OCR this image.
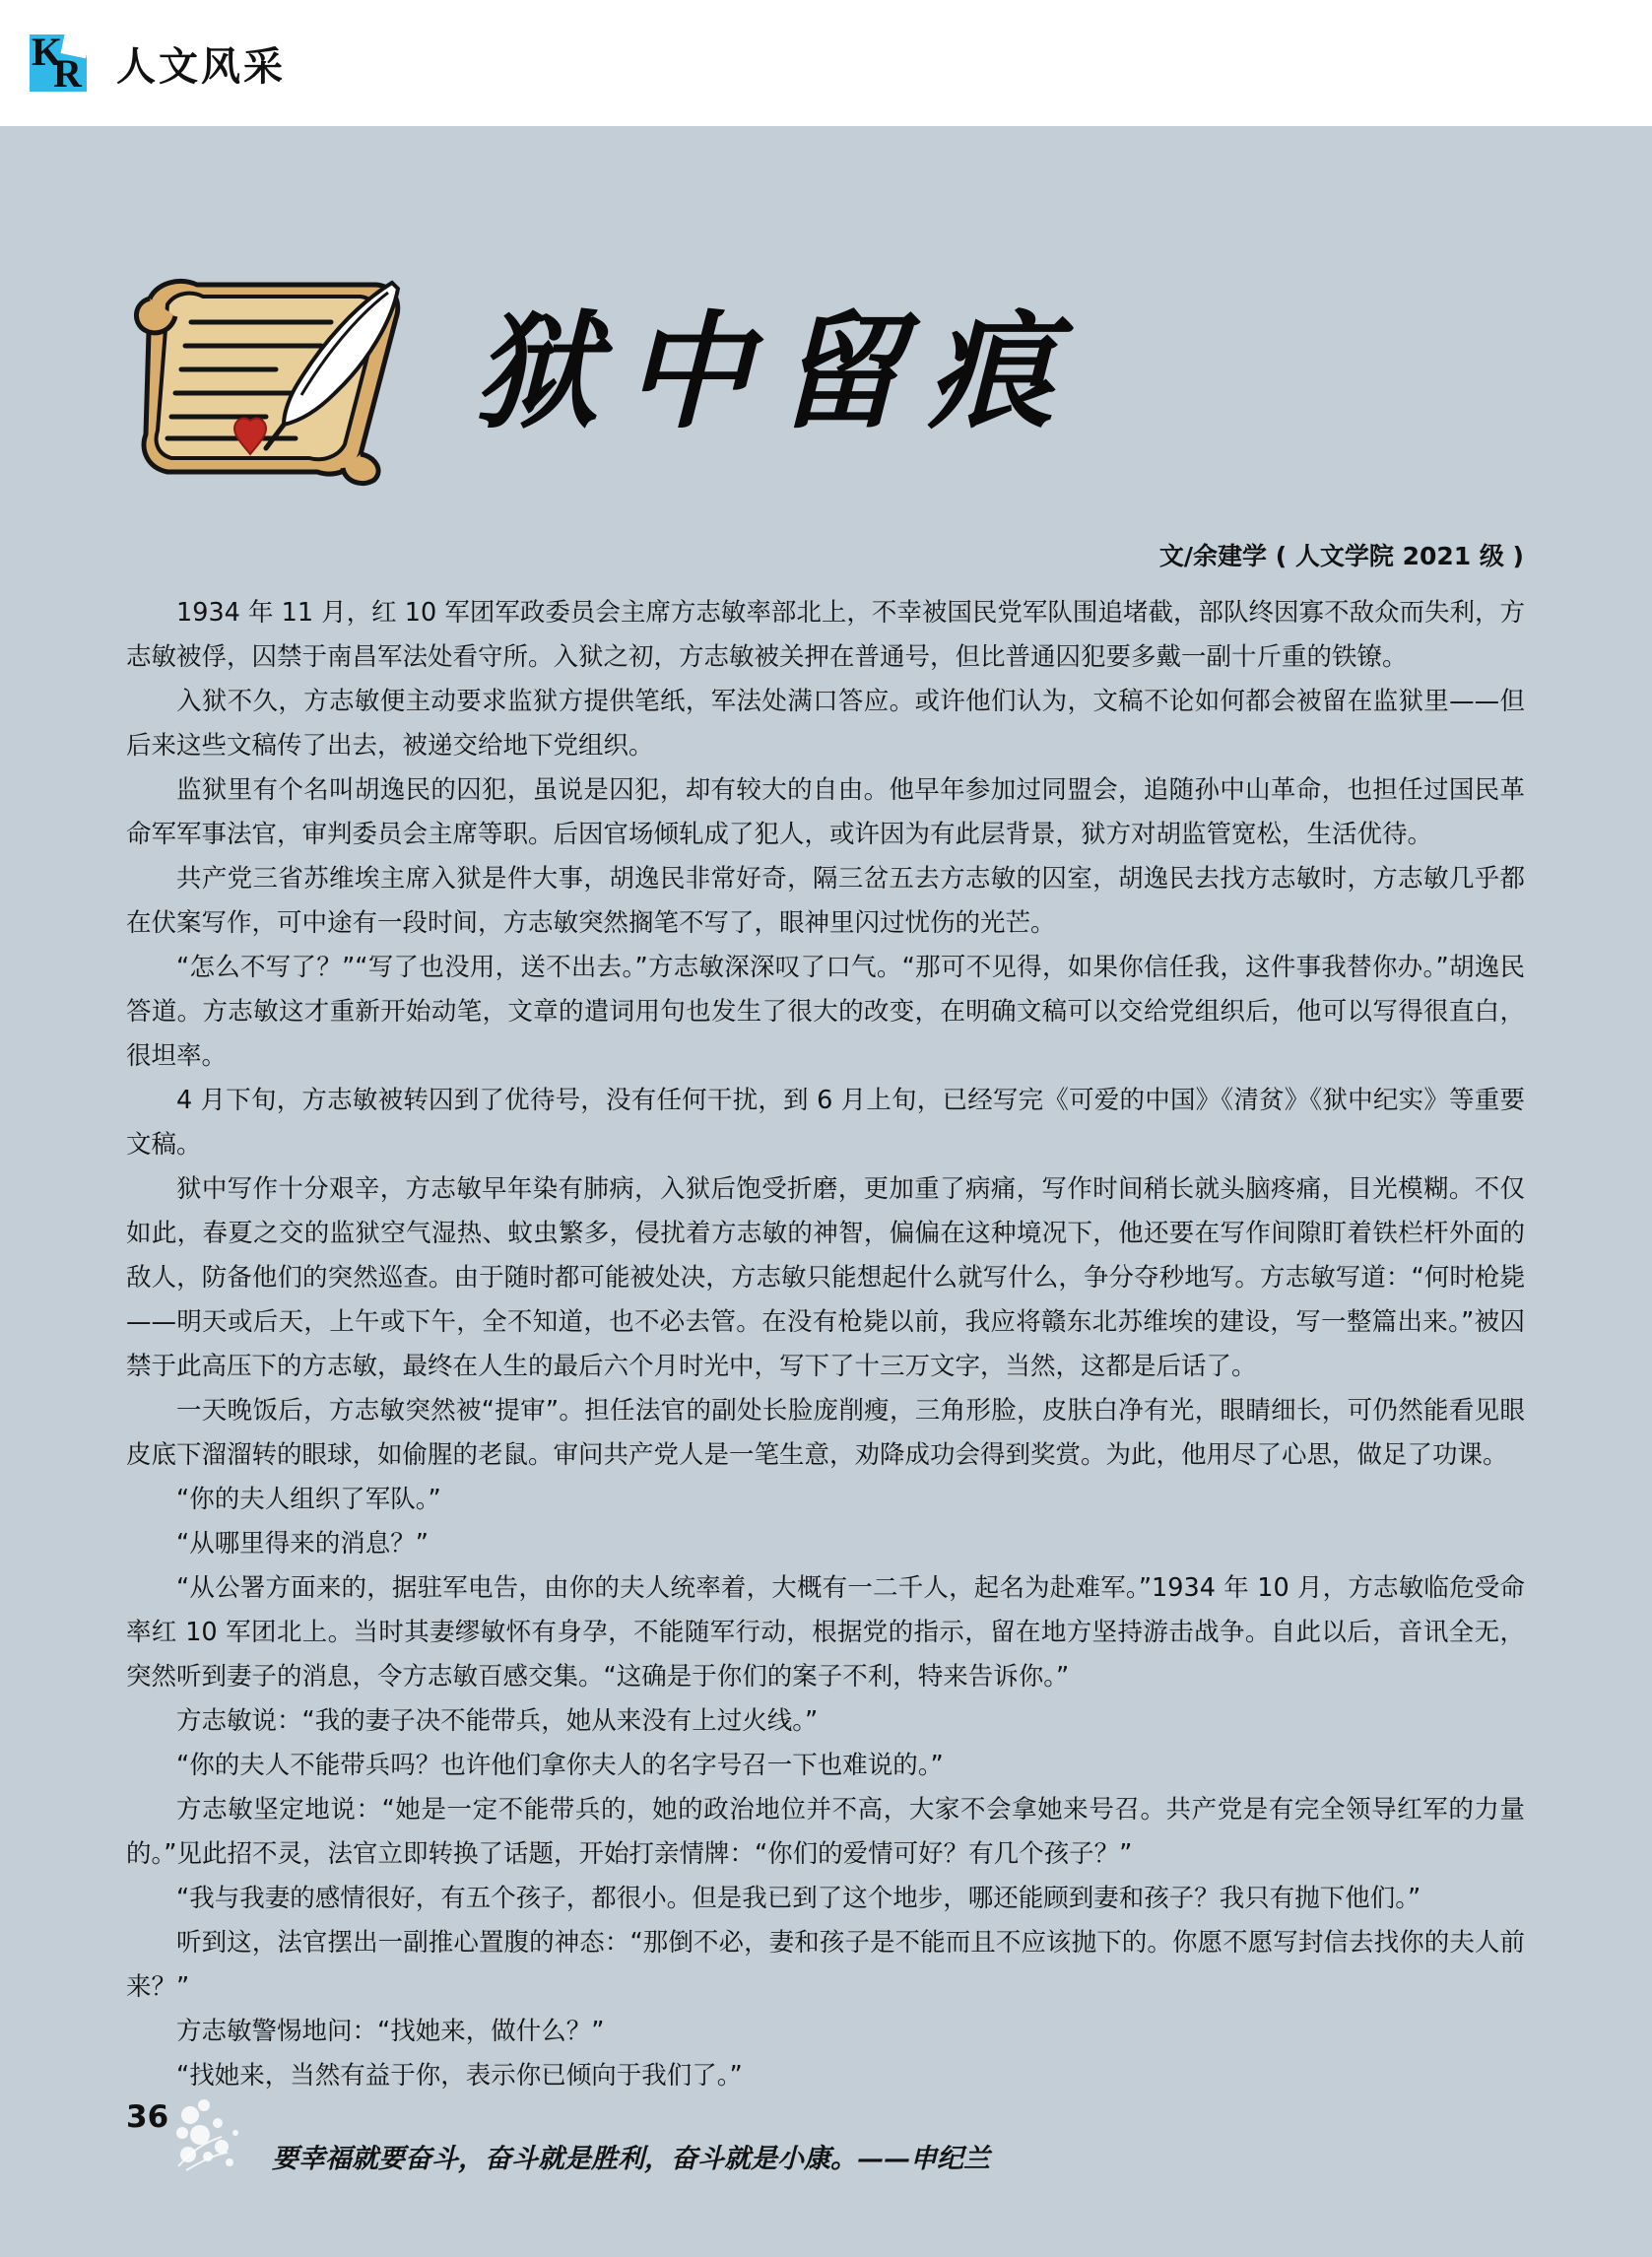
K
R 人文风采
狱中留痕
文/余建学 ( 人文学院 2021 级 )

1934 年 11 月，红 10 军团军政委员会主席方志敏率部北上，不幸被国民党军队围追堵截，部队终因寡不敌众而失利，方志敏被俘，囚禁于南昌军法处看守所。入狱之初，方志敏被关押在普通号，但比普通囚犯要多戴一副十斤重的铁镣。

入狱不久，方志敏便主动要求监狱方提供笔纸，军法处满口答应。或许他们认为，文稿不论如何都会被留在监狱里——但后来这些文稿传了出去，被递交给地下党组织。

监狱里有个名叫胡逸民的囚犯，虽说是囚犯，却有较大的自由。他早年参加过同盟会，追随孙中山革命，也担任过国民革命军军事法官，审判委员会主席等职。后因官场倾轧成了犯人，或许因为有此层背景，狱方对胡监管宽松，生活优待。

共产党三省苏维埃主席入狱是件大事，胡逸民非常好奇，隔三岔五去方志敏的囚室，胡逸民去找方志敏时，方志敏几乎都在伏案写作，可中途有一段时间，方志敏突然搁笔不写了，眼神里闪过忧伤的光芒。

“怎么不写了？”“写了也没用，送不出去。”方志敏深深叹了口气。“那可不见得，如果你信任我，这件事我替你办。”胡逸民答道。方志敏这才重新开始动笔，文章的遣词用句也发生了很大的改变，在明确文稿可以交给党组织后，他可以写得很直白，很坦率。

4 月下旬，方志敏被转囚到了优待号，没有任何干扰，到 6 月上旬，已经写完《可爱的中国》《清贫》《狱中纪实》等重要文稿。

狱中写作十分艰辛，方志敏早年染有肺病，入狱后饱受折磨，更加重了病痛，写作时间稍长就头脑疼痛，目光模糊。不仅如此，春夏之交的监狱空气湿热、蚊虫繁多，侵扰着方志敏的神智，偏偏在这种境况下，他还要在写作间隙盯着铁栏杆外面的敌人，防备他们的突然巡查。由于随时都可能被处决，方志敏只能想起什么就写什么，争分夺秒地写。方志敏写道：“何时枪毙——明天或后天，上午或下午，全不知道，也不必去管。在没有枪毙以前，我应将赣东北苏维埃的建设，写一整篇出来。”被囚禁于此高压下的方志敏，最终在人生的最后六个月时光中，写下了十三万文字，当然，这都是后话了。

一天晚饭后，方志敏突然被“提审”。担任法官的副处长脸庞削瘦，三角形脸，皮肤白净有光，眼睛细长，可仍然能看见眼皮底下溜溜转的眼球，如偷腥的老鼠。审问共产党人是一笔生意，劝降成功会得到奖赏。为此，他用尽了心思，做足了功课。

“你的夫人组织了军队。”

“从哪里得来的消息？”

“从公署方面来的，据驻军电告，由你的夫人统率着，大概有一二千人，起名为赴难军。”1934 年 10 月，方志敏临危受命率红 10 军团北上。当时其妻缪敏怀有身孕，不能随军行动，根据党的指示，留在地方坚持游击战争。自此以后，音讯全无，突然听到妻子的消息，令方志敏百感交集。“这确是于你们的案子不利，特来告诉你。”

方志敏说：“我的妻子决不能带兵，她从来没有上过火线。”

“你的夫人不能带兵吗？也许他们拿你夫人的名字号召一下也难说的。”

方志敏坚定地说：“她是一定不能带兵的，她的政治地位并不高，大家不会拿她来号召。共产党是有完全领导红军的力量的。”见此招不灵，法官立即转换了话题，开始打亲情牌：“你们的爱情可好？有几个孩子？”

“我与我妻的感情很好，有五个孩子，都很小。但是我已到了这个地步，哪还能顾到妻和孩子？我只有抛下他们。”

听到这，法官摆出一副推心置腹的神态：“那倒不必，妻和孩子是不能而且不应该抛下的。你愿不愿写封信去找你的夫人前来？”

方志敏警惕地问：“找她来，做什么？”

“找她来，当然有益于你，表示你已倾向于我们了。”

36
要幸福就要奋斗，奋斗就是胜利，奋斗就是小康。——申纪兰
